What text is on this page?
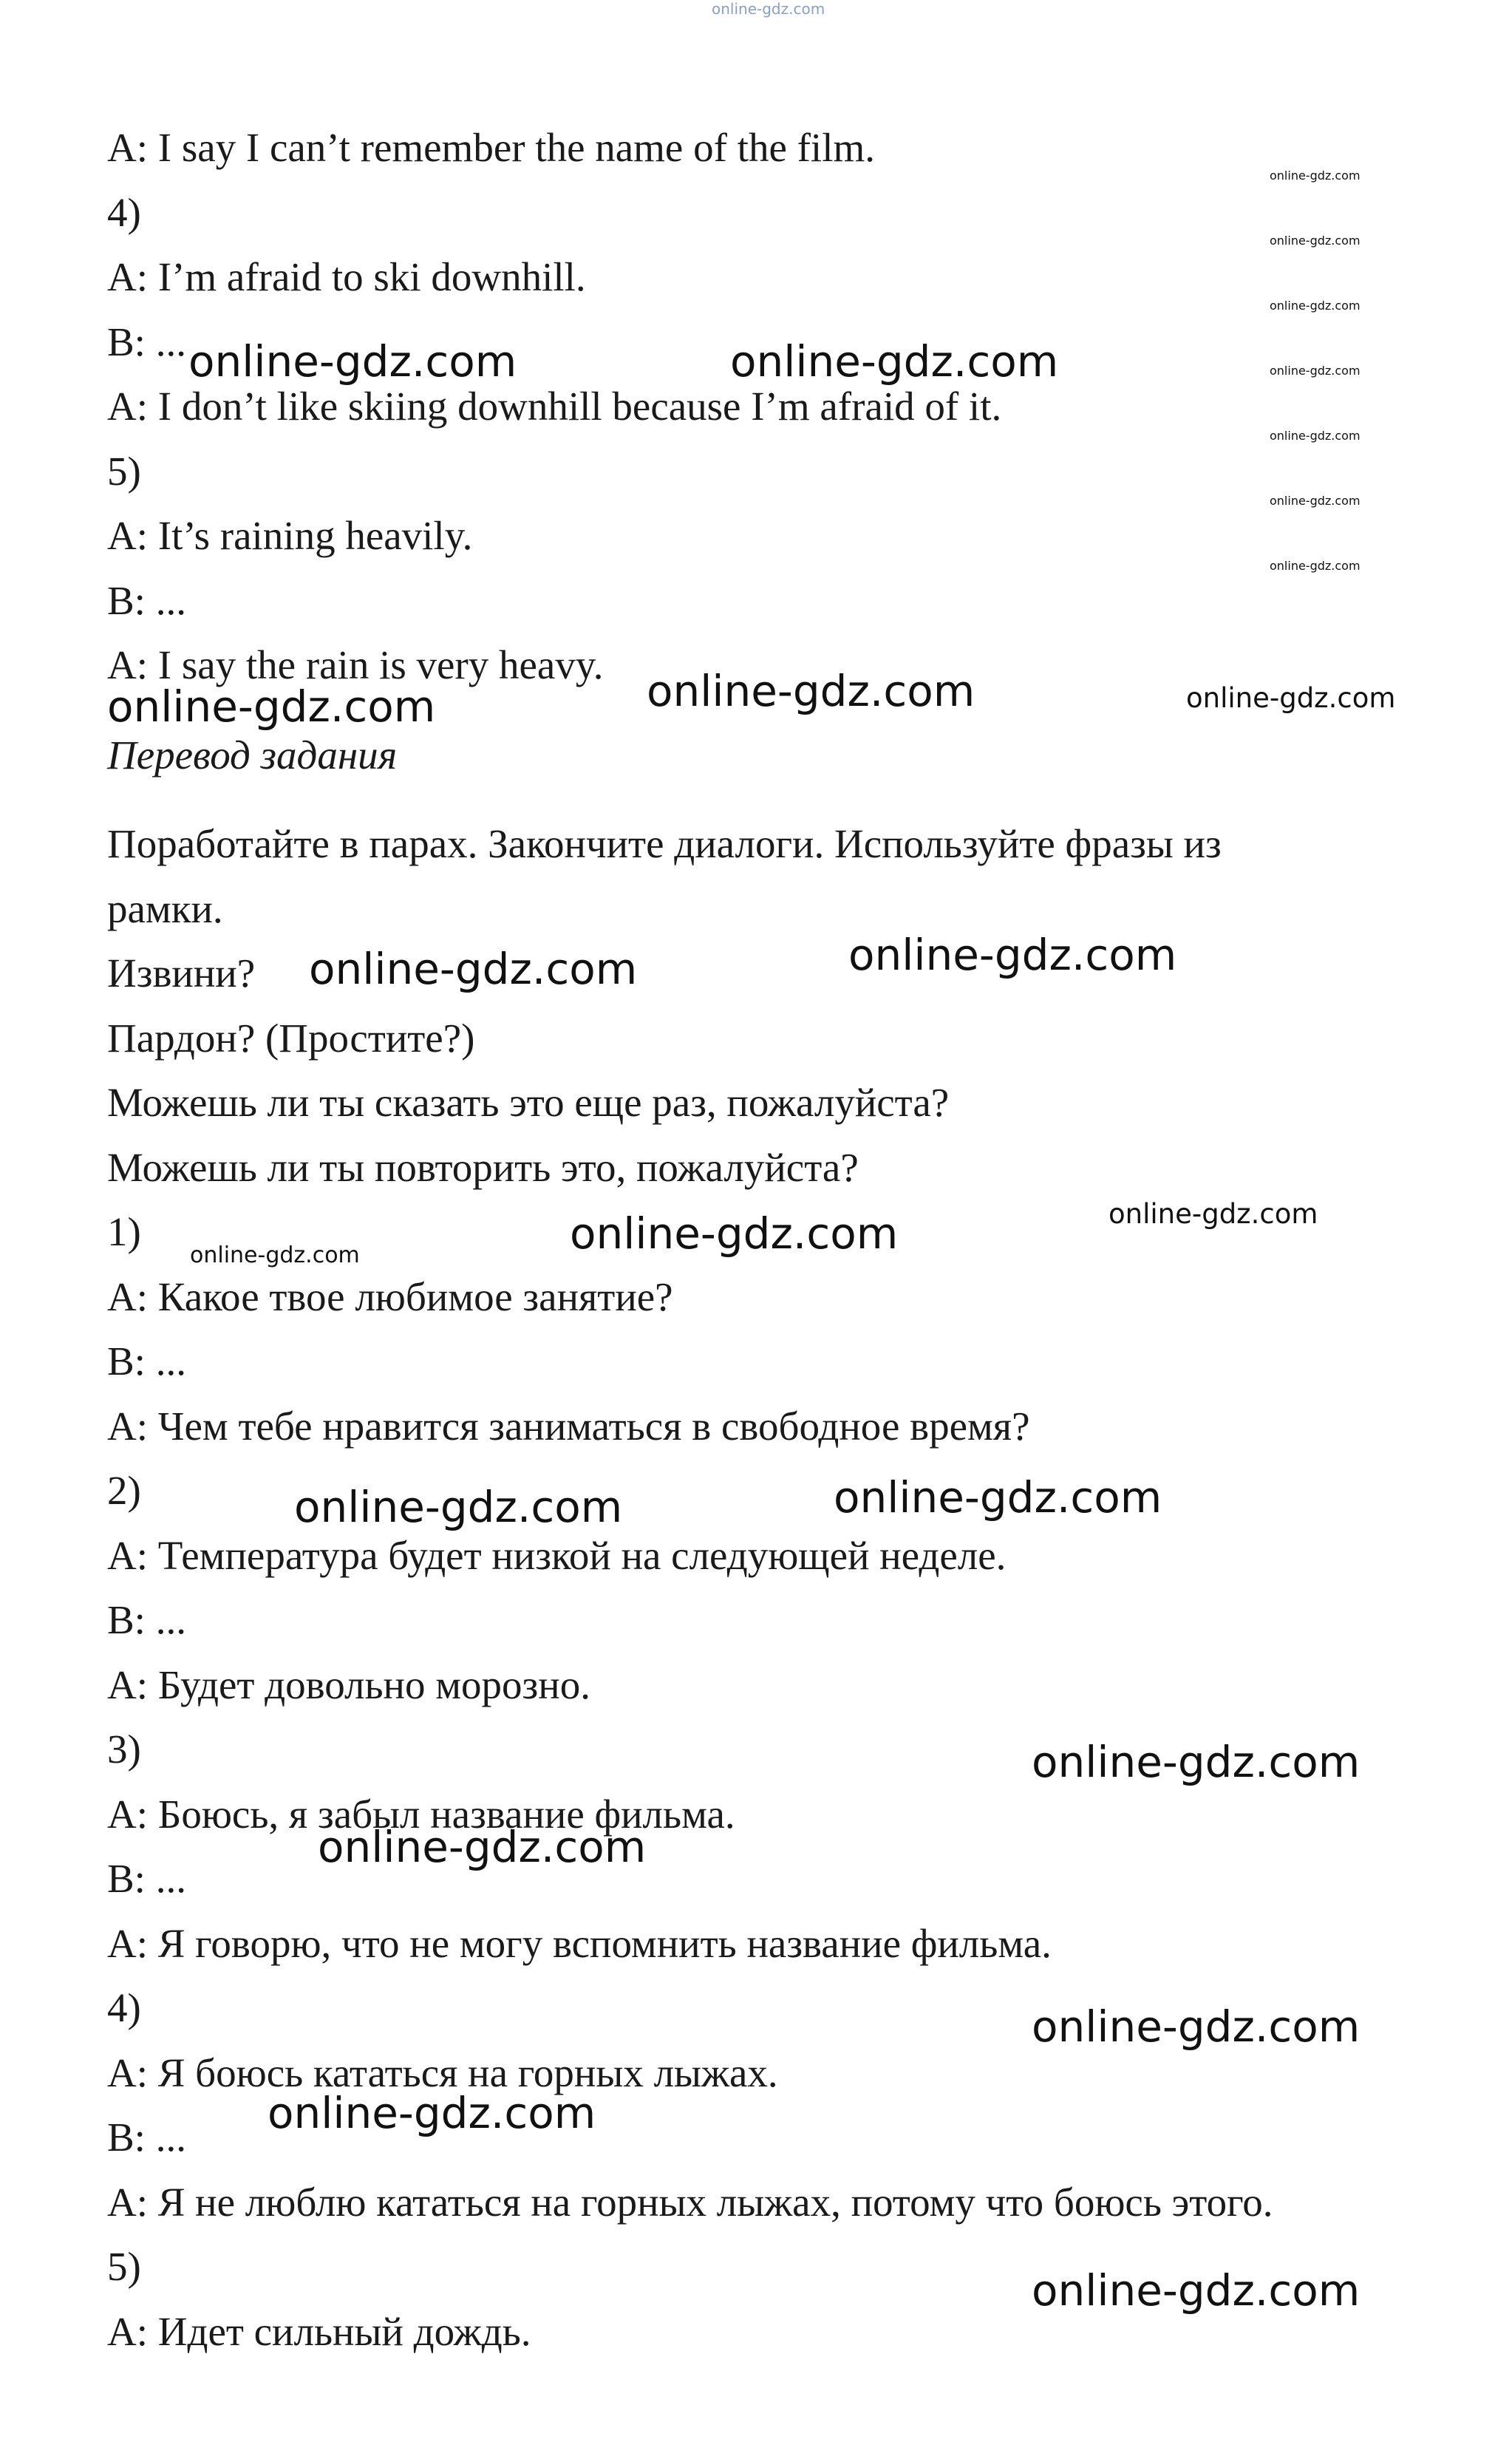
online-gdz.com
A: I say I can’t remember the name of the film.
4)
A: I’m afraid to ski downhill.
B: ...
A: I don’t like skiing downhill because I’m afraid of it.
5)
A: It’s raining heavily.
B: ...
A: I say the rain is very heavy.
Перевод задания
Поработайте в парах. Закончите диалоги. Используйте фразы из
рамки.
Извини?
Пардон? (Простите?)
Можешь ли ты сказать это еще раз, пожалуйста?
Можешь ли ты повторить это, пожалуйста?
1)
A: Какое твое любимое занятие?
B: ...
A: Чем тебе нравится заниматься в свободное время?
2)
A: Температура будет низкой на следующей неделе.
B: ...
A: Будет довольно морозно.
3)
A: Боюсь, я забыл название фильма.
B: ...
A: Я говорю, что не могу вспомнить название фильма.
4)
A: Я боюсь кататься на горных лыжах.
B: ...
A: Я не люблю кататься на горных лыжах, потому что боюсь этого.
5)
A: Идет сильный дождь.
online-gdz.com
online-gdz.com
online-gdz.com
online-gdz.com
online-gdz.com
online-gdz.com
online-gdz.com
online-gdz.com	online-gdz.com
online-gdz.com	online-gdz.com	online-gdz.com
online-gdz.com
online-gdz.com
online-gdz.com
online-gdz.com
online-gdz.com
online-gdz.com
online-gdz.com
online-gdz.com
online-gdz.com
online-gdz.com
online-gdz.com
online-gdz.com
